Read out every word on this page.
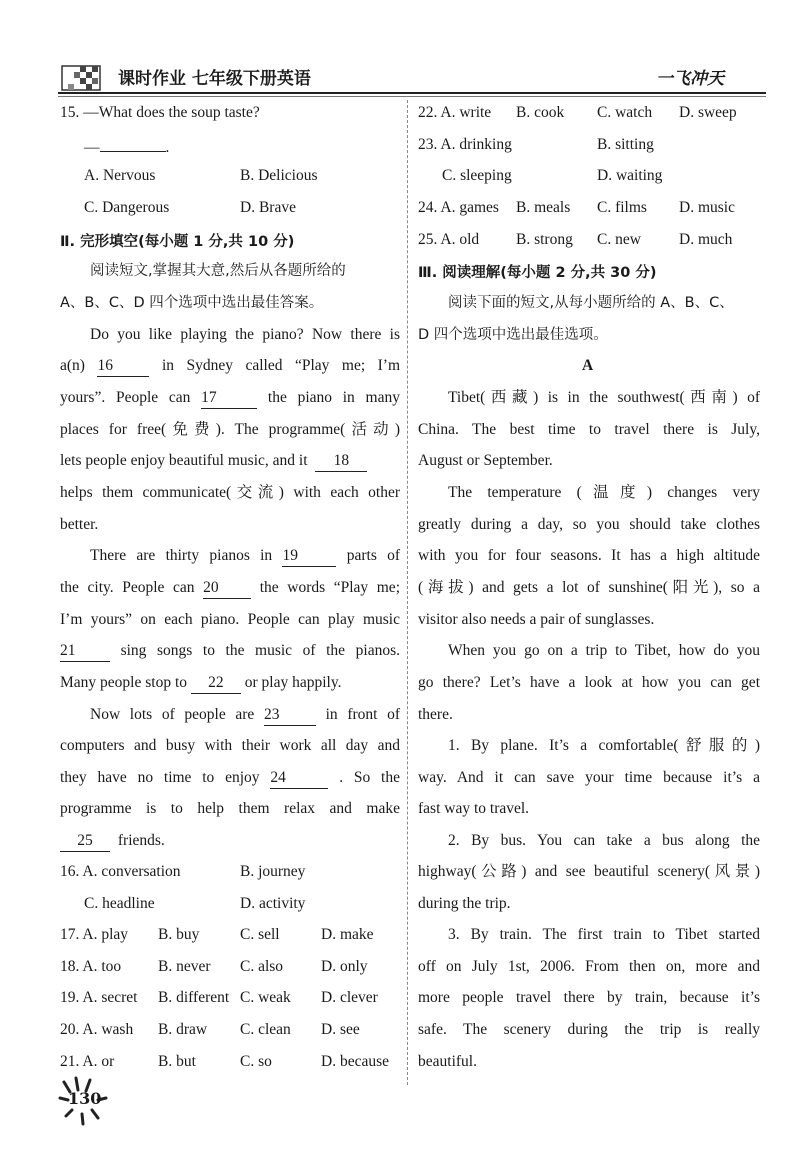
课时作业 七年级下册英语	一飞冲天
15. —What does the soup taste?
—	.
A. Nervous	B. Delicious
C. Dangerous	D. Brave
Ⅱ. 完形填空(每小题 1 分,共 10 分)
阅读短文,掌握其大意,然后从各题所给的
A、B、C、D 四个选项中选出最佳答案。
Do you like playing the piano? Now there is
a(n) 16	in Sydney called “Play me; I’m
yours”. People can 17	the piano in many
places for free(免费). The programme(活动)
lets people enjoy beautiful music, and it 18
helps them communicate(交流) with each other
better.
There are thirty pianos in 19	parts of
the city. People can 20	the words “Play me;
I’m yours” on each piano. People can play music
21	sing songs to the music of the pianos.
Many people stop to 22 or play happily.
Now lots of people are 23	in front of
computers and busy with their work all day and
they have no time to enjoy 24	. So the
programme is to help them relax and make
25 friends.
16. A. conversation	B. journey
C. headline	D. activity
17. A. play B. buy	C. sell	D. make
18. A. too B. never C. also D. only
19. A. secret B. different C. weak D. clever
20. A. wash B. draw C. clean D. see
21. A. or	B. but	C. so	D. because
130
22. A. write B. cook C. watch D. sweep
23. A. drinking	B. sitting
C. sleeping	D. waiting
24. A. games B. meals C. films D. music
25. A. old B. strong C. new D. much
Ⅲ. 阅读理解(每小题 2 分,共 30 分)
阅读下面的短文,从每小题所给的 A、B、C、
D 四个选项中选出最佳选项。
A
Tibet(西藏) is in the southwest(西南) of
China. The best time to travel there is July,
August or September.
The temperature (温度) changes very
greatly during a day, so you should take clothes
with you for four seasons. It has a high altitude
(海拔) and gets a lot of sunshine(阳光), so a
visitor also needs a pair of sunglasses.
When you go on a trip to Tibet, how do you
go there? Let’s have a look at how you can get
there.
1. By plane. It’s a comfortable(舒服的)
way. And it can save your time because it’s a
fast way to travel.
2. By bus. You can take a bus along the
highway(公路) and see beautiful scenery(风景)
during the trip.
3. By train. The first train to Tibet started
off on July 1st, 2006. From then on, more and
more people travel there by train, because it’s
safe. The scenery during the trip is really
beautiful.
